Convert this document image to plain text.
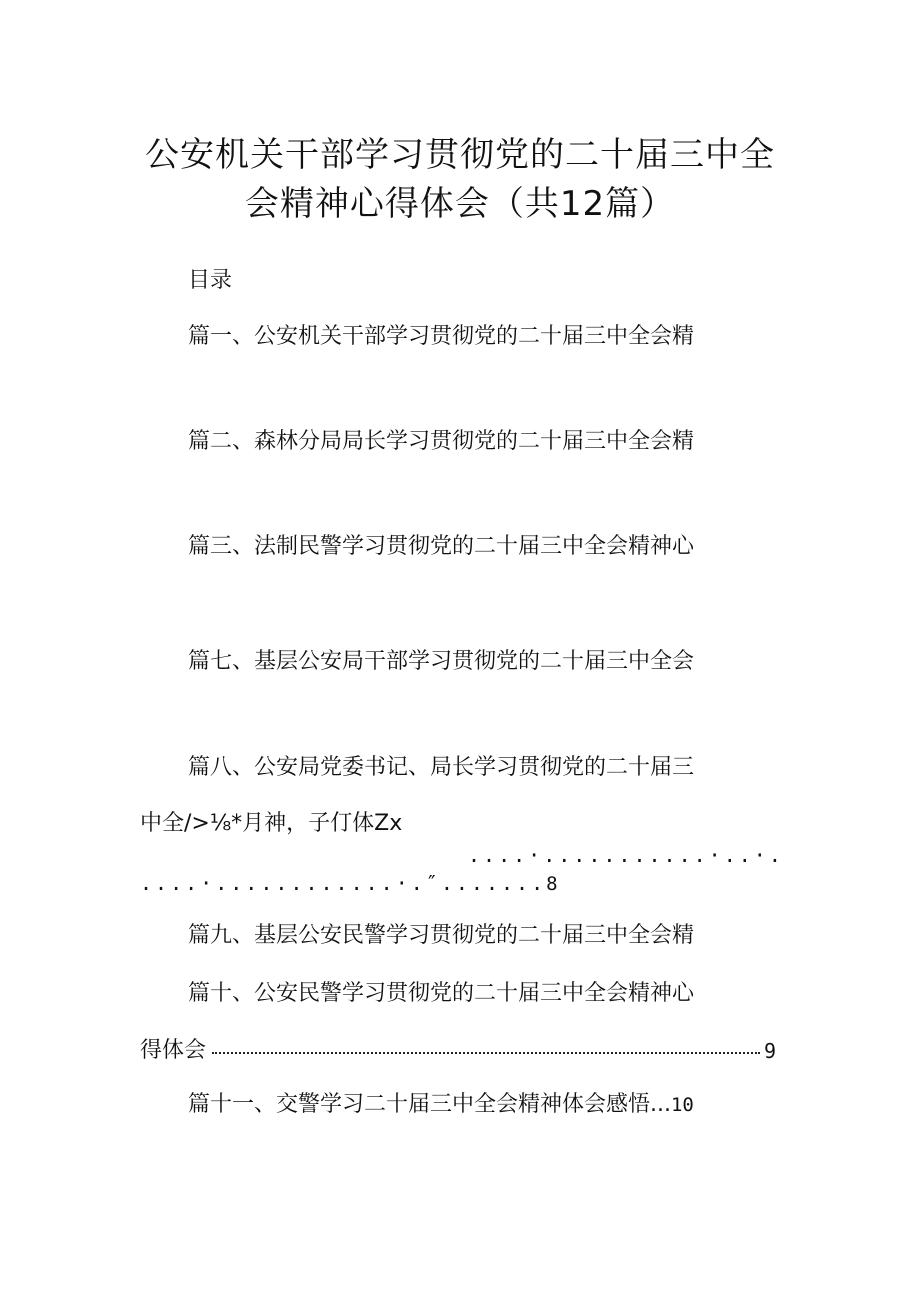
公安机关干部学习贯彻党的二十届三中全
会精神心得体会（共12篇）
目录
篇一、公安机关干部学习贯彻党的二十届三中全会精
篇二、森林分局局长学习贯彻党的二十届三中全会精
篇三、法制民警学习贯彻党的二十届三中全会精神心
篇七、基层公安局干部学习贯彻党的二十届三中全会
篇八、公安局党委书记、局长学习贯彻党的二十届三
中全/>⅛*月神，子仃体Zx
....·...........·..·.
....·............·.″.......8
篇九、基层公安民警学习贯彻党的二十届三中全会精
篇十、公安民警学习贯彻党的二十届三中全会精神心
得体会	9
篇十一、交警学习二十届三中全会精神体会感悟...10
